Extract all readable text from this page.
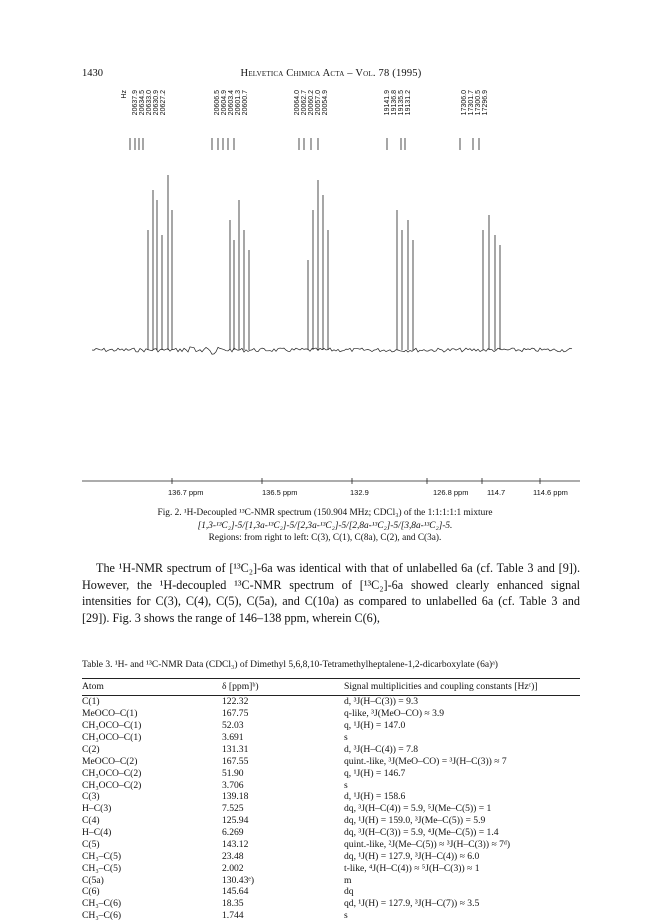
1430	Helvetica Chimica Acta – Vol. 78 (1995)
Hz 20637.9 20634.5 20633.0 20630.9 20627.2	20606.5 20604.9 20603.4 20601.3 20600.7	20064.0 20062.7 20060.2 20057.0 20054.9	19141.9 19136.8 19135.5 19131.2	17306.0 17301.7 17300.5 17296.9
136.7 ppm	136.5 ppm	132.9	126.8 ppm 114.7	114.6 ppm
Fig. 2. ¹H-Decoupled ¹³C-NMR spectrum (150.904 MHz; CDCl₃) of the 1:1:1:1:1 mixture
[1,3-¹³C₂]-5/[1,3a-¹³C₂]-5/[2,3a-¹³C₂]-5/[2,8a-¹³C₂]-5/[3,8a-¹³C₂]-5.
Regions: from right to left: C(3), C(1), C(8a), C(2), and C(3a).
The ¹H-NMR spectrum of [¹³C₂]-6a was identical with that of unlabelled 6a (cf. Table 3 and [9]). However, the ¹H-decoupled ¹³C-NMR spectrum of [¹³C₂]-6a showed clearly enhanced signal intensities for C(3), C(4), C(5), C(5a), and C(10a) as compared to unlabelled 6a (cf. Table 3 and [29]). Fig. 3 shows the range of 146–138 ppm, wherein C(6),
Table 3. ¹H- and ¹³C-NMR Data (CDCl₃) of Dimethyl 5,6,8,10-Tetramethylheptalene-1,2-dicarboxylate (6a)ᵃ)
Atom	δ [ppm]ᵇ)	Signal multiplicities and coupling constants [Hzᶜ)]
C(1)	122.32	d, ³J(H–C(3)) = 9.3
MeOCO–C(1)	167.75	q-like, ³J(MeO–CO) ≈ 3.9
CH₃OCO–C(1)	52.03	q, ¹J(H) = 147.0
CH₃OCO–C(1)	3.691	s
C(2)	131.31	d, ³J(H–C(4)) = 7.8
MeOCO–C(2)	167.55	quint.-like, ³J(MeO–CO) = ³J(H–C(3)) ≈ 7
CH₃OCO–C(2)	51.90	q, ¹J(H) = 146.7
CH₃OCO–C(2)	3.706	s
C(3)	139.18	d, ¹J(H) = 158.6
H–C(3)	7.525	dq, ³J(H–C(4)) = 5.9, ⁵J(Me–C(5)) = 1
C(4)	125.94	dq, ¹J(H) = 159.0, ³J(Me–C(5)) = 5.9
H–C(4)	6.269	dq, ³J(H–C(3)) = 5.9, ⁴J(Me–C(5)) = 1.4
C(5)	143.12	quint.-like, ²J(Me–C(5)) ≈ ³J(H–C(3)) ≈ 7ᵈ)
CH₃–C(5)	23.48	dq, ¹J(H) = 127.9, ³J(H–C(4)) ≈ 6.0
CH₃–C(5)	2.002	t-like, ⁴J(H–C(4)) ≈ ⁵J(H–C(3)) ≈ 1
C(5a)	130.43ᵉ)	m
C(6)	145.64	dq
CH₃–C(6)	18.35	qd, ¹J(H) = 127.9, ³J(H–C(7)) ≈ 3.5
CH₃–C(6)	1.744	s
